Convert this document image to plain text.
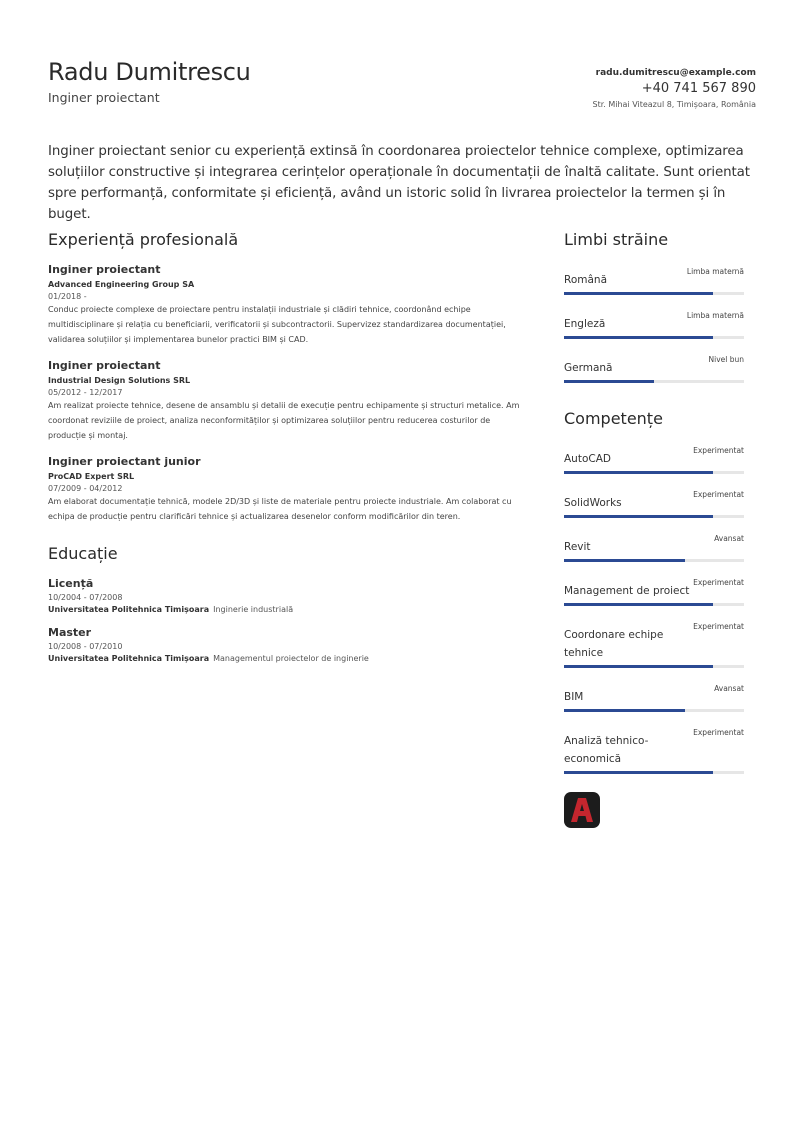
Radu Dumitrescu
Inginer proiectant
radu.dumitrescu@example.com
+40 741 567 890
Str. Mihai Viteazul 8, Timișoara, România
Inginer proiectant senior cu experiență extinsă în coordonarea proiectelor tehnice complexe, optimizarea soluțiilor constructive și integrarea cerințelor operaționale în documentații de înaltă calitate. Sunt orientat spre performanță, conformitate și eficiență, având un istoric solid în livrarea proiectelor la termen și în buget.
Experiență profesională
Inginer proiectant
Advanced Engineering Group SA
01/2018 -
Conduc proiecte complexe de proiectare pentru instalații industriale și clădiri tehnice, coordonând echipe multidisciplinare și relația cu beneficiarii, verificatorii și subcontractorii. Supervizez standardizarea documentației, validarea soluțiilor și implementarea bunelor practici BIM și CAD.
Inginer proiectant
Industrial Design Solutions SRL
05/2012 - 12/2017
Am realizat proiecte tehnice, desene de ansamblu și detalii de execuție pentru echipamente și structuri metalice. Am coordonat reviziile de proiect, analiza neconformităților și optimizarea soluțiilor pentru reducerea costurilor de producție și montaj.
Inginer proiectant junior
ProCAD Expert SRL
07/2009 - 04/2012
Am elaborat documentație tehnică, modele 2D/3D și liste de materiale pentru proiecte industriale. Am colaborat cu echipa de producție pentru clarificări tehnice și actualizarea desenelor conform modificărilor din teren.
Educație
Licență
10/2004 - 07/2008
Universitatea Politehnica Timișoara Inginerie industrială
Master
10/2008 - 07/2010
Universitatea Politehnica Timișoara Managementul proiectelor de inginerie
Limbi străine
Română
Limba maternă
Engleză
Limba maternă
Germană
Nivel bun
Competențe
AutoCAD
Experimentat
SolidWorks
Experimentat
Revit
Avansat
Management de proiect
Experimentat
Coordonare echipe tehnice
Experimentat
BIM
Avansat
Analiză tehnico-economică
Experimentat
